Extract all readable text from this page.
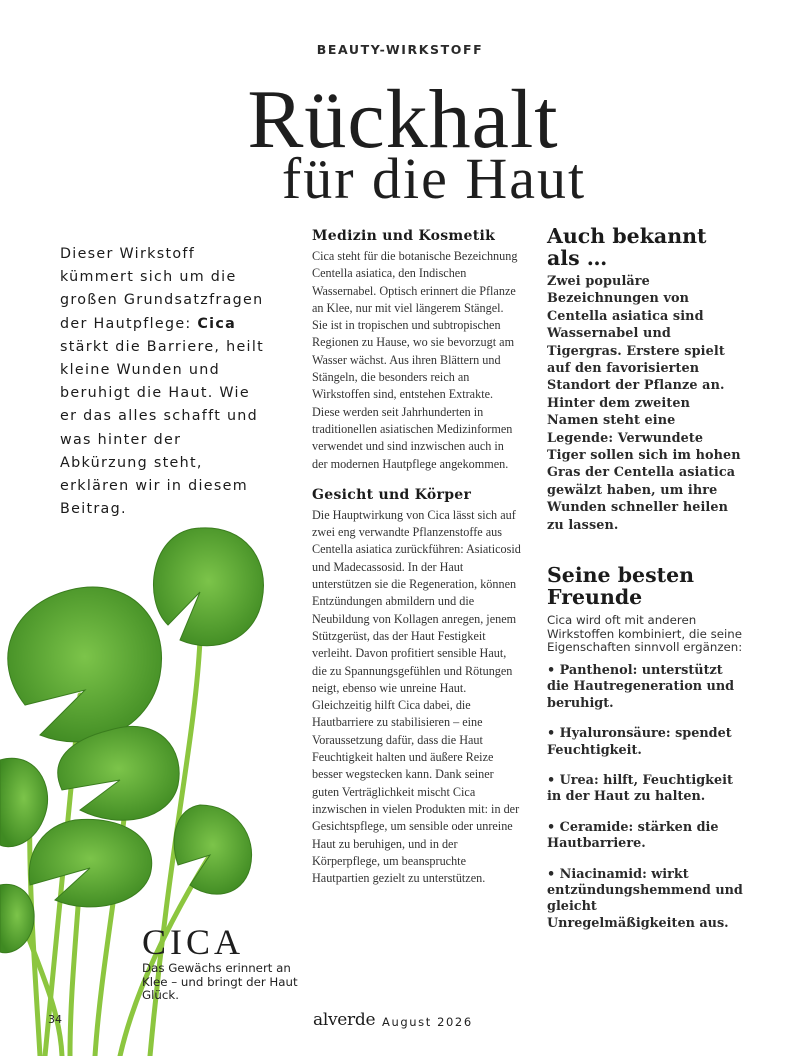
BEAUTY-WIRKSTOFF
Rückhalt
für die Haut
Dieser Wirkstoff kümmert sich um die großen Grundsatzfragen der Hautpflege: Cica stärkt die Barriere, heilt kleine Wunden und beruhigt die Haut. Wie er das alles schafft und was hinter der Abkürzung steht, erklären wir in diesem Beitrag.
Medizin und Kosmetik

Cica steht für die botanische Bezeichnung Centella asiatica, den Indischen Wassernabel. Optisch erinnert die Pflanze an Klee, nur mit viel längerem Stängel. Sie ist in tropischen und subtropischen Regionen zu Hause, wo sie bevorzugt am Wasser wächst. Aus ihren Blättern und Stängeln, die besonders reich an Wirkstoffen sind, entstehen Extrakte. Diese werden seit Jahrhunderten in traditionellen asiatischen Medizinformen verwendet und sind inzwischen auch in der modernen Hautpflege angekommen.

Gesicht und Körper

Die Hauptwirkung von Cica lässt sich auf zwei eng verwandte Pflanzenstoffe aus Centella asiatica zurückführen: Asiaticosid und Madecassosid. In der Haut unterstützen sie die Regeneration, können Entzündungen abmildern und die Neubildung von Kollagen anregen, jenem Stützgerüst, das der Haut Festigkeit verleiht. Davon profitiert sensible Haut, die zu Spannungsgefühlen und Rötungen neigt, ebenso wie unreine Haut. Gleichzeitig hilft Cica dabei, die Hautbarriere zu stabilisieren – eine Voraussetzung dafür, dass die Haut Feuchtigkeit halten und äußere Reize besser wegstecken kann. Dank seiner guten Verträglichkeit mischt Cica inzwischen in vielen Produkten mit: in der Gesichtspflege, um sensible oder unreine Haut zu beruhigen, und in der Körperpflege, um beanspruchte Hautpartien gezielt zu unterstützen.

Auch bekannt als …

Zwei populäre Bezeichnungen von Centella asiatica sind Wassernabel und Tigergras. Erstere spielt auf den favorisierten Standort der Pflanze an. Hinter dem zweiten Namen steht eine Legende: Verwundete Tiger sollen sich im hohen Gras der Centella asiatica gewälzt haben, um ihre Wunden schneller heilen zu lassen.

Seine besten Freunde

Cica wird oft mit anderen Wirkstoffen kombiniert, die seine Eigenschaften sinnvoll ergänzen:

• Panthenol: unterstützt die Hautregeneration und beruhigt.

• Hyaluronsäure: spendet Feuchtigkeit.

• Urea: hilft, Feuchtigkeit in der Haut zu halten.

• Ceramide: stärken die Hautbarriere.

• Niacinamid: wirkt entzündungshemmend und gleicht Unregelmäßigkeiten aus.

CICA
Das Gewächs erinnert an Klee – und bringt der Haut Glück.
34	alverde August 2026
